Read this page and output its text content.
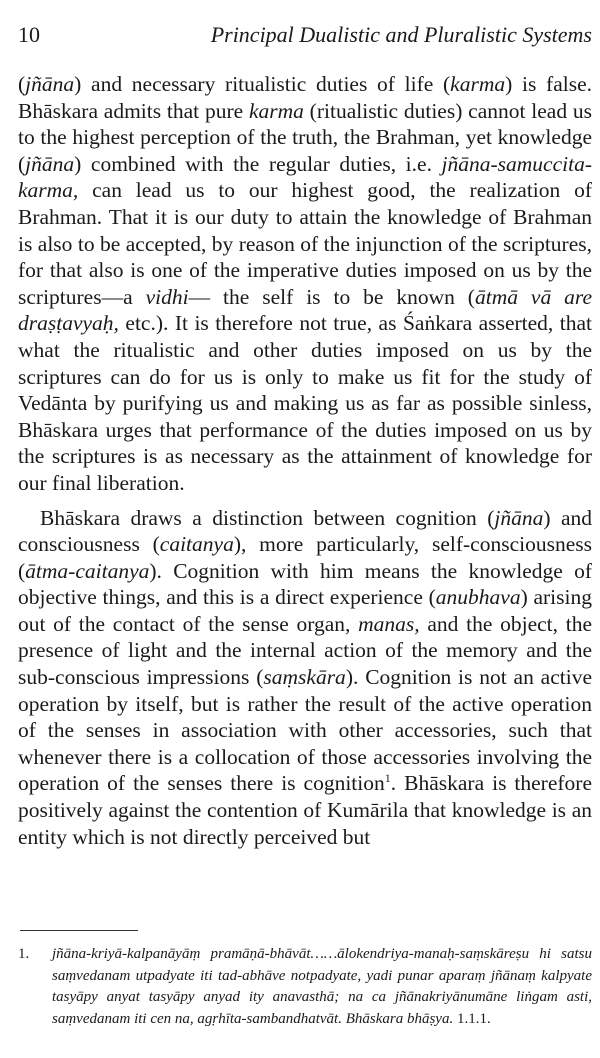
10	Principal Dualistic and Pluralistic Systems

(jñāna) and necessary ritualistic duties of life (karma) is false. Bhāskara admits that pure karma (ritualistic duties) cannot lead us to the highest perception of the truth, the Brahman, yet knowledge (jñāna) combined with the regular duties, i.e. jñāna-samuccita-karma, can lead us to our highest good, the realization of Brahman. That it is our duty to attain the knowledge of Brahman is also to be accepted, by reason of the injunction of the scriptures, for that also is one of the imperative duties imposed on us by the scriptures—a vidhi— the self is to be known (ātmā vā are draṣṭavyaḥ, etc.). It is therefore not true, as Śaṅkara asserted, that what the ritualistic and other duties imposed on us by the scriptures can do for us is only to make us fit for the study of Vedānta by purifying us and making us as far as possible sinless, Bhāskara urges that performance of the duties imposed on us by the scriptures is as necessary as the attainment of knowledge for our final liberation.

Bhāskara draws a distinction between cognition (jñāna) and consciousness (caitanya), more particularly, self-consciousness (ātma-caitanya). Cognition with him means the knowledge of objective things, and this is a direct experience (anubhava) arising out of the contact of the sense organ, manas, and the object, the presence of light and the internal action of the memory and the sub-conscious impressions (saṃskāra). Cognition is not an active operation by itself, but is rather the result of the active operation of the senses in association with other accessories, such that whenever there is a collocation of those accessories involving the operation of the senses there is cognition$^1$. Bhāskara is therefore positively against the contention of Kumārila that knowledge is an entity which is not directly perceived but

1. jñāna-kriyā-kalpanāyāṃ pramāṇā-bhāvāt……ālokendriya-manaḥ-saṃskāreṣu hi satsu saṃvedanam utpadyate iti tad-abhāve notpadyate, yadi punar aparaṃ jñānaṃ kalpyate tasyāpy anyat tasyāpy anyad ity anavasthā; na ca jñānakriyānumāne liṅgam asti, saṃvedanam iti cen na, agṛhīta-sambandhatvāt. Bhāskara bhāṣya. 1.1.1.
